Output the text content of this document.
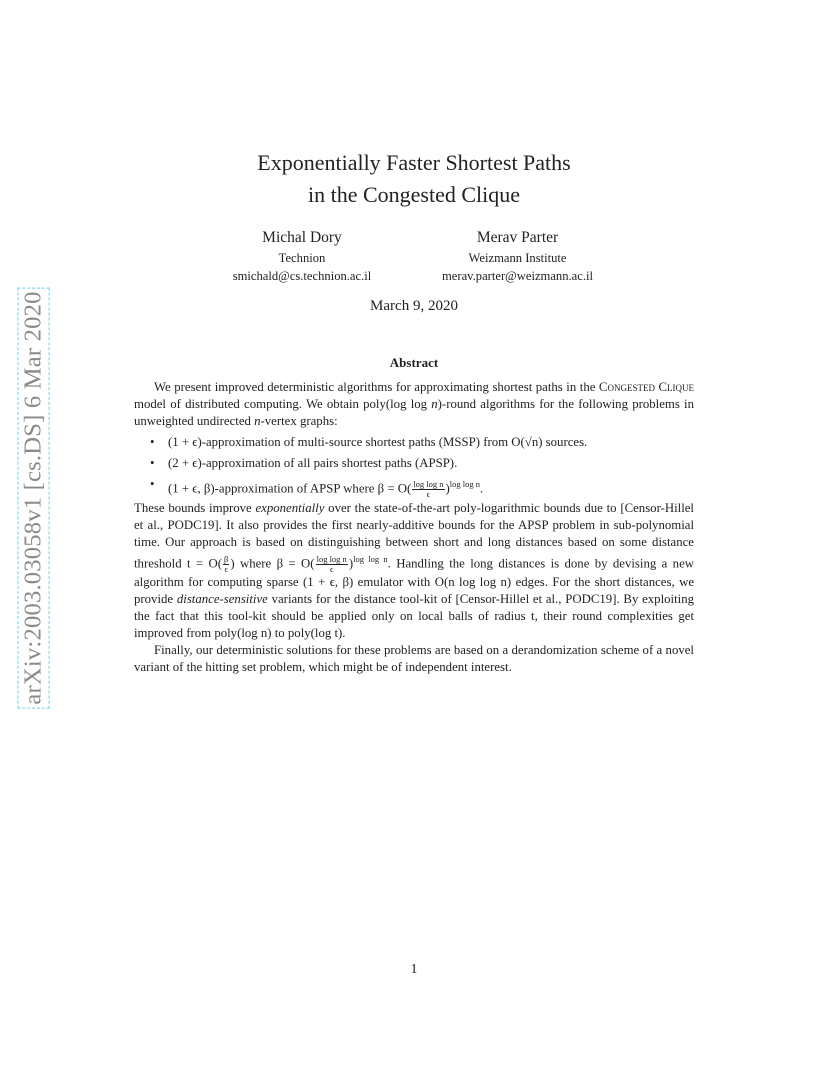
arXiv:2003.03058v1 [cs.DS] 6 Mar 2020
Exponentially Faster Shortest Paths
in the Congested Clique
Michal Dory
Technion
smichald@cs.technion.ac.il
Merav Parter
Weizmann Institute
merav.parter@weizmann.ac.il
March 9, 2020
Abstract

We present improved deterministic algorithms for approximating shortest paths in the Congested Clique model of distributed computing. We obtain poly(log log n)-round algorithms for the following problems in unweighted undirected n-vertex graphs:

• (1 + ϵ)-approximation of multi-source shortest paths (MSSP) from O(√n) sources.
• (2 + ϵ)-approximation of all pairs shortest paths (APSP).
• (1 + ϵ, β)-approximation of APSP where $\beta = O( \frac{\text{log log n}}{\epsilon} )^{log log n}$.

These bounds improve exponentially over the state-of-the-art poly-logarithmic bounds due to [Censor-Hillel et al., PODC19]. It also provides the first nearly-additive bounds for the APSP problem in sub-polynomial time. Our approach is based on distinguishing between short and long distances based on some distance threshold $t = O( \frac{\beta}{\epsilon}$ ) where $\beta = O( \frac{\text{log log n}}{\epsilon} )^{log log n}$. Handling the long distances is done by devising a new algorithm for computing sparse (1 + ϵ, β) emulator with O(n log log n) edges. For the short distances, we provide distance-sensitive variants for the distance tool-kit of [Censor-Hillel et al., PODC19]. By exploiting the fact that this tool-kit should be applied only on local balls of radius t, their round complexities get improved from poly(log n) to poly(log t).

Finally, our deterministic solutions for these problems are based on a derandomization scheme of a novel variant of the hitting set problem, which might be of independent interest.

1
